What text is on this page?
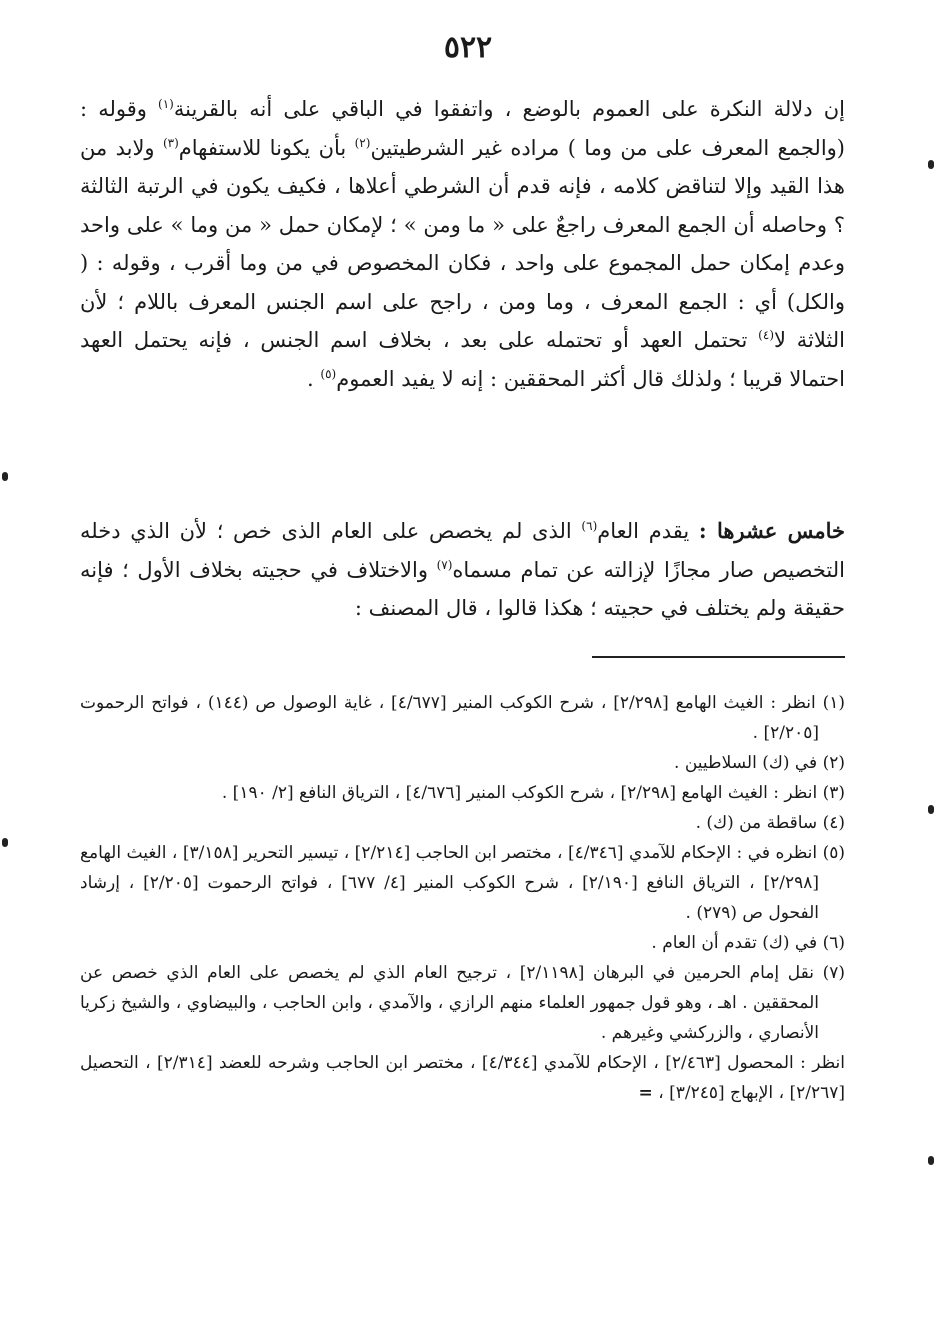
٥٢٢
إن دلالة النكرة على العموم بالوضع ، واتفقوا في الباقي على أنه بالقرينة$^{(١)}$ وقوله : (والجمع المعرف على من وما ) مراده غير الشرطيتين$^{(٢)}$ بأن يكونا للاستفهام$^{(٣)}$ ولابد من هذا القيد وإلا لتناقض كلامه ، فإنه قدم أن الشرطي أعلاها ، فكيف يكون في الرتبة الثالثة ؟ وحاصله أن الجمع المعرف راجعٌ على « ما ومن » ؛ لإمكان حمل « من وما » على واحد وعدم إمكان حمل المجموع على واحد ، فكان المخصوص في من وما أقرب ، وقوله : ( والكل) أي : الجمع المعرف ، وما ومن ، راجح على اسم الجنس المعرف باللام ؛ لأن الثلاثة لا$^{(٤)}$ تحتمل العهد أو تحتمله على بعد ، بخلاف اسم الجنس ، فإنه يحتمل العهد احتمالا قريبا ؛ ولذلك قال أكثر المحققين : إنه لا يفيد العموم$^{(٥)}$ .
خامس عشرها : يقدم العام$^{(٦)}$ الذى لم يخصص على العام الذى خص ؛ لأن الذي دخله التخصيص صار مجازًا لإزالته عن تمام مسماه$^{(٧)}$ والاختلاف في حجيته بخلاف الأول ؛ فإنه حقيقة ولم يختلف في حجيته ؛ هكذا قالوا ، قال المصنف :
(١) انظر : الغيث الهامع [٢/٢٩٨] ، شرح الكوكب المنير [٤/٦٧٧] ، غاية الوصول ص (١٤٤) ، فواتح الرحموت [٢/٢٠٥] .
(٢) في (ك) السلاطيين .
(٣) انظر : الغيث الهامع [٢/٢٩٨] ، شرح الكوكب المنير [٤/٦٧٦] ، الترياق النافع [٢/ ١٩٠] .
(٤) ساقطة من (ك) .
(٥) انظره في : الإحكام للآمدي [٤/٣٤٦] ، مختصر ابن الحاجب [٢/٢١٤] ، تيسير التحرير [٣/١٥٨] ، الغيث الهامع [٢/٢٩٨] ، الترياق النافع [٢/١٩٠] ، شرح الكوكب المنير [٤/ ٦٧٧] ، فواتح الرحموت [٢/٢٠٥] ، إرشاد الفحول ص (٢٧٩) .
(٦) في (ك) تقدم أن العام .
(٧) نقل إمام الحرمين في البرهان [٢/١١٩٨] ، ترجيح العام الذي لم يخصص على العام الذي خصص عن المحققين . اهـ ، وهو قول جمهور العلماء منهم الرازي ، والآمدي ، وابن الحاجب ، والبيضاوي ، والشيخ زكريا الأنصاري ، والزركشي وغيرهم .
انظر : المحصول [٢/٤٦٣] ، الإحكام للآمدي [٤/٣٤٤] ، مختصر ابن الحاجب وشرحه للعضد [٢/٣١٤] ، التحصيل [٢/٢٦٧] ، الإبهاج [٣/٢٤٥] ، =
